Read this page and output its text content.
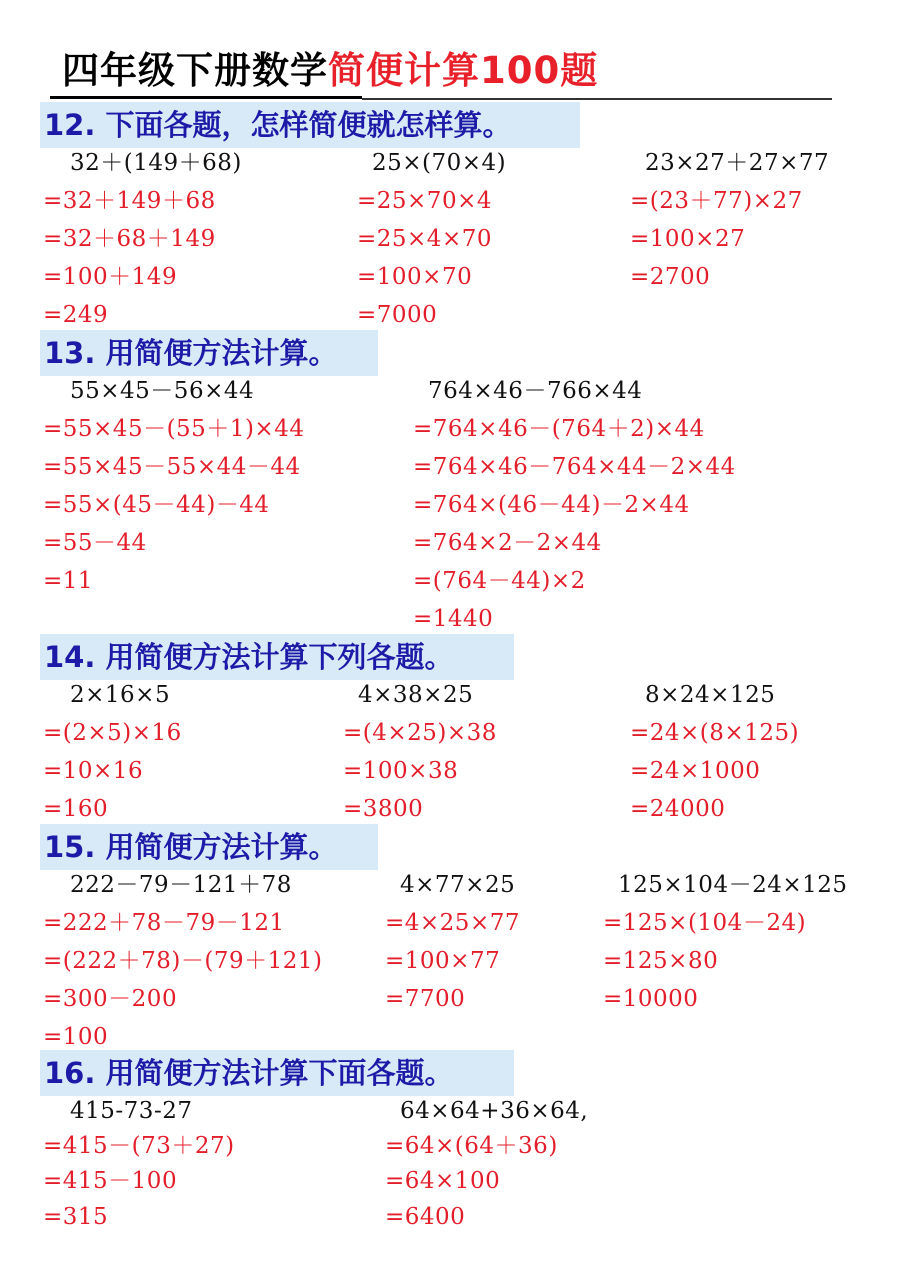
四年级下册数学简便计算100题
12. 下面各题，怎样简便就怎样算。
32＋(149＋68)
=32＋149＋68
=32＋68＋149
=100＋149
=249
25×(70×4)
=25×70×4
=25×4×70
=100×70
=7000
23×27＋27×77
=(23＋77)×27
=100×27
=2700
13. 用简便方法计算。
55×45－56×44
=55×45－(55＋1)×44
=55×45－55×44－44
=55×(45－44)－44
=55－44
=11
764×46－766×44
=764×46－(764＋2)×44
=764×46－764×44－2×44
=764×(46－44)－2×44
=764×2－2×44
=(764－44)×2
=1440
14. 用简便方法计算下列各题。
2×16×5
=(2×5)×16
=10×16
=160
4×38×25
=(4×25)×38
=100×38
=3800
8×24×125
=24×(8×125)
=24×1000
=24000
15. 用简便方法计算。
222－79－121＋78
=222＋78－79－121
=(222＋78)－(79＋121)
=300－200
=100
4×77×25
=4×25×77
=100×77
=7700
125×104－24×125
=125×(104－24)
=125×80
=10000
16. 用简便方法计算下面各题。
415-73-27
=415－(73＋27)
=415－100
=315
64×64+36×64,
=64×(64＋36)
=64×100
=6400
